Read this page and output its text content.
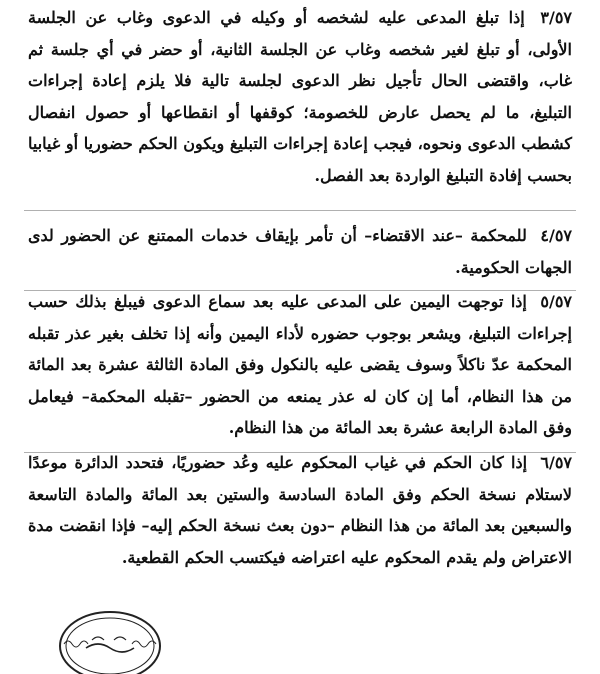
٣/٥٧ إذا تبلغ المدعى عليه لشخصه أو وكيله في الدعوى وغاب عن الجلسة الأولى، أو تبلغ لغير شخصه وغاب عن الجلسة الثانية، أو حضر في أي جلسة ثم غاب، واقتضى الحال تأجيل نظر الدعوى لجلسة تالية فلا يلزم إعادة إجراءات التبليغ، ما لم يحصل عارض للخصومة؛ كوقفها أو انقطاعها أو حصول انفصال كشطب الدعوى ونحوه، فيجب إعادة إجراءات التبليغ ويكون الحكم حضوريا أو غيابيا بحسب إفادة التبليغ الواردة بعد الفصل.

٤/٥٧ للمحكمة –عند الاقتضاء– أن تأمر بإيقاف خدمات الممتنع عن الحضور لدى الجهات الحكومية.

٥/٥٧ إذا توجهت اليمين على المدعى عليه بعد سماع الدعوى فيبلغ بذلك حسب إجراءات التبليغ، ويشعر بوجوب حضوره لأداء اليمين وأنه إذا تخلف بغير عذر تقبله المحكمة عدّ ناكلاً وسوف يقضى عليه بالنكول وفق المادة الثالثة عشرة بعد المائة من هذا النظام، أما إن كان له عذر يمنعه من الحضور –تقبله المحكمة– فيعامل وفق المادة الرابعة عشرة بعد المائة من هذا النظام.

٦/٥٧ إذا كان الحكم في غياب المحكوم عليه وعُد حضوريًا، فتحدد الدائرة موعدًا لاستلام نسخة الحكم وفق المادة السادسة والستين بعد المائة والمادة التاسعة والسبعين بعد المائة من هذا النظام –دون بعث نسخة الحكم إليه– فإذا انقضت مدة الاعتراض ولم يقدم المحكوم عليه اعتراضه فيكتسب الحكم القطعية.
